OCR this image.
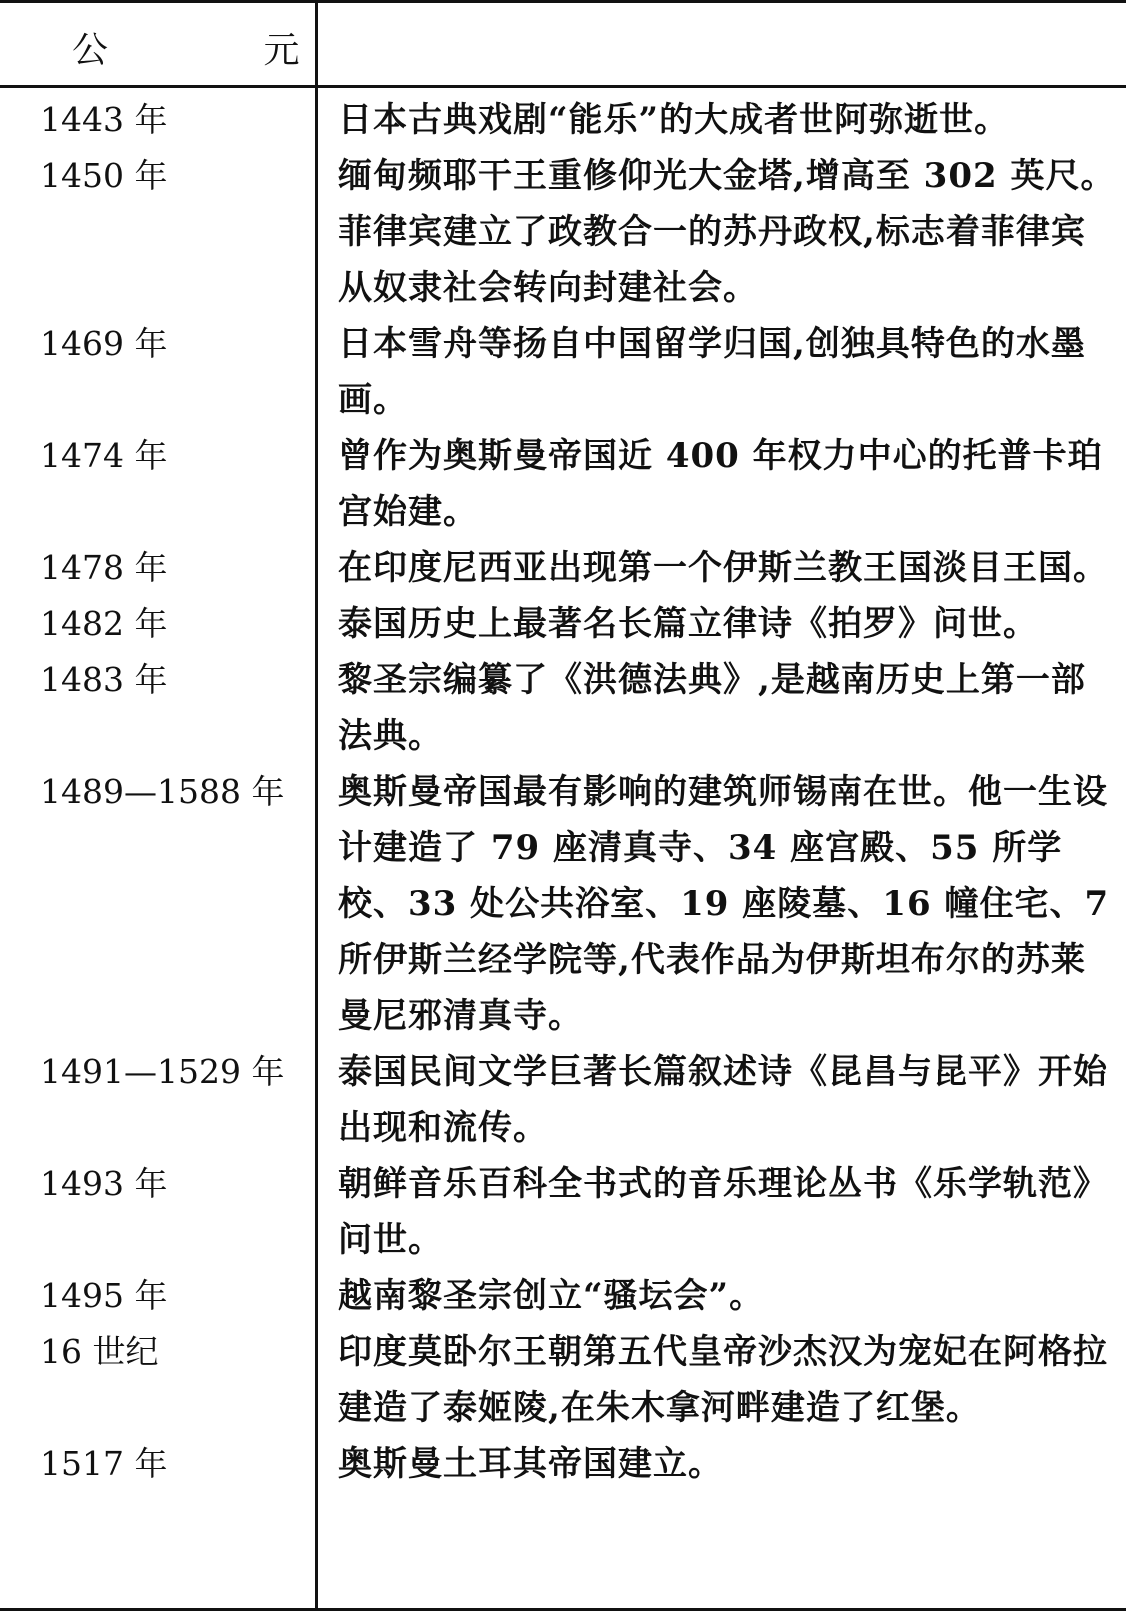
公 元
1443 年	日本古典戏剧“能乐”的大成者世阿弥逝世。
1450 年	缅甸频耶干王重修仰光大金塔,增高至 302 英尺。
菲律宾建立了政教合一的苏丹政权,标志着菲律宾从奴隶社会转向封建社会。
1469 年	日本雪舟等扬自中国留学归国,创独具特色的水墨画。
1474 年	曾作为奥斯曼帝国近 400 年权力中心的托普卡珀宫始建。
1478 年	在印度尼西亚出现第一个伊斯兰教王国淡目王国。
1482 年	泰国历史上最著名长篇立律诗《拍罗》问世。
1483 年	黎圣宗编纂了《洪德法典》,是越南历史上第一部法典。
1489—1588 年	奥斯曼帝国最有影响的建筑师锡南在世。他一生设计建造了 79 座清真寺、34 座宫殿、55 所学校、33 处公共浴室、19 座陵墓、16 幢住宅、7 所伊斯兰经学院等,代表作品为伊斯坦布尔的苏莱曼尼邪清真寺。
1491—1529 年	泰国民间文学巨著长篇叙述诗《昆昌与昆平》开始出现和流传。
1493 年	朝鲜音乐百科全书式的音乐理论丛书《乐学轨范》问世。
1495 年	越南黎圣宗创立“骚坛会”。
16 世纪	印度莫卧尔王朝第五代皇帝沙杰汉为宠妃在阿格拉建造了泰姬陵,在朱木拿河畔建造了红堡。
1517 年	奥斯曼土耳其帝国建立。
